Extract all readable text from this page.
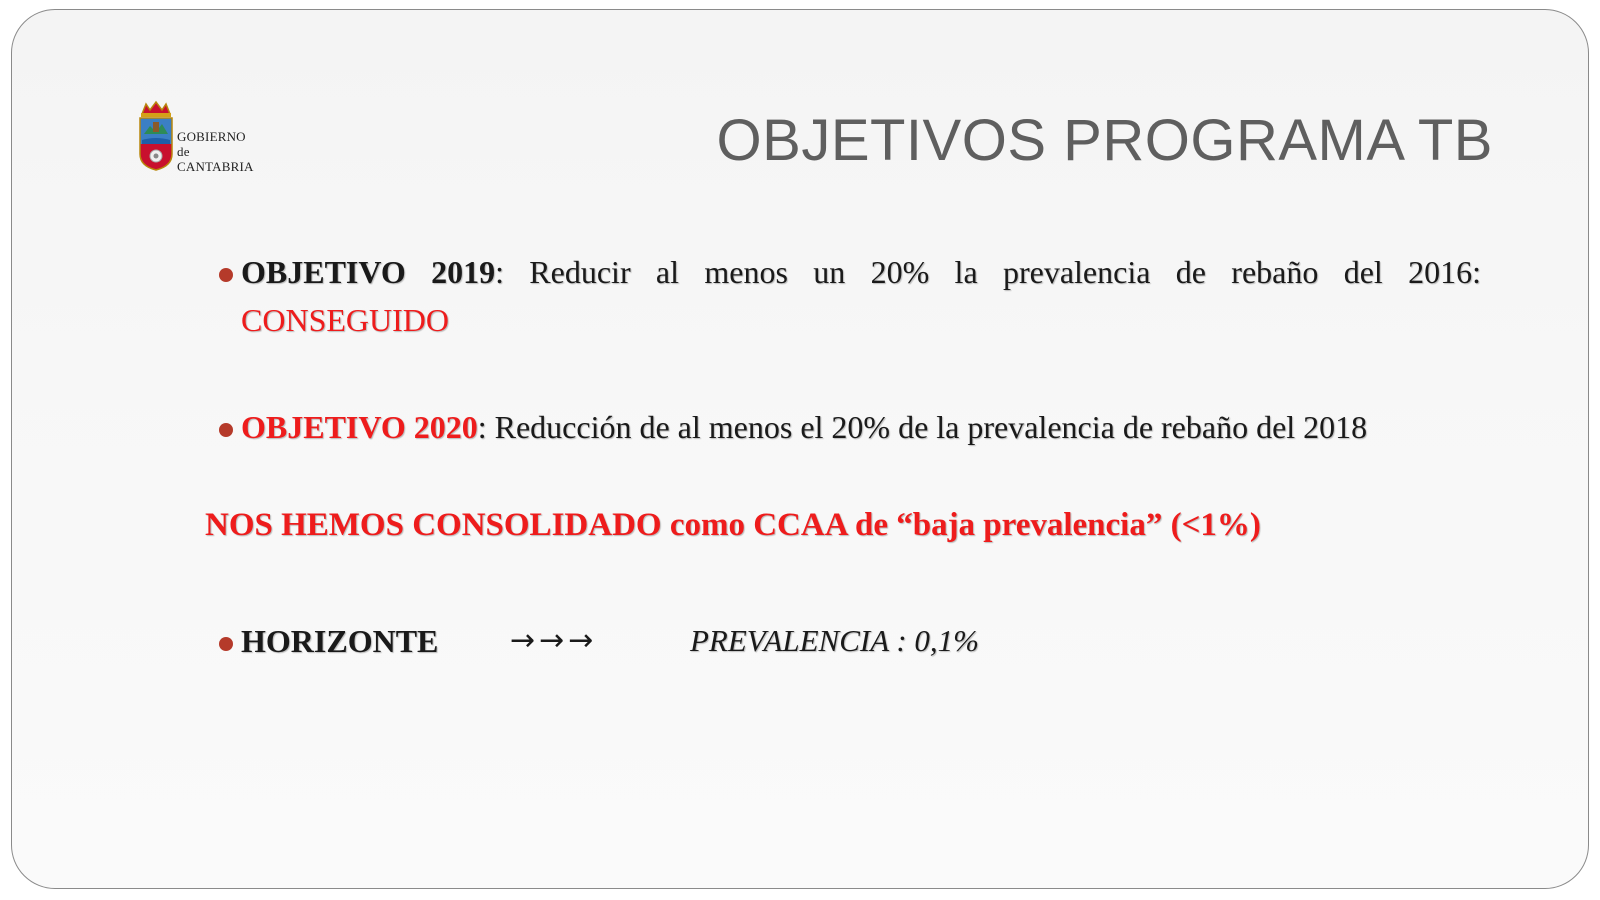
GOBIERNO
de
CANTABRIA	OBJETIVOS PROGRAMA TB
OBJETIVO 2019: Reducir al menos un 20% la prevalencia de rebaño del 2016: CONSEGUIDO
OBJETIVO 2020: Reducción de al menos el 20% de la prevalencia de rebaño del 2018
NOS HEMOS CONSOLIDADO como CCAA de “baja prevalencia” (<1%)
HORIZONTE →→→	PREVALENCIA : 0,1%
